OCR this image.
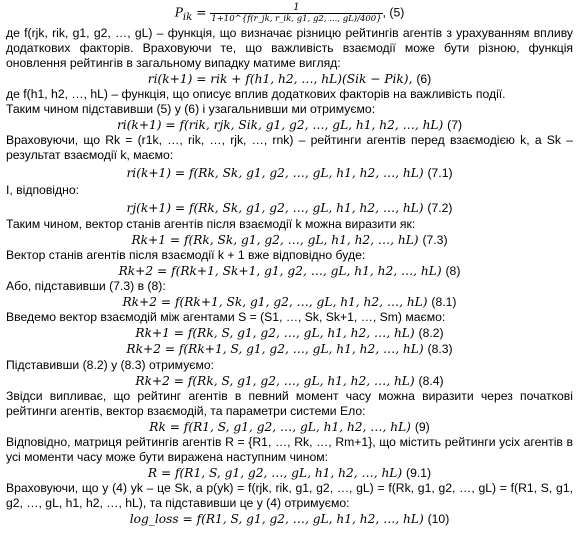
$P_{ik} = \frac{1}{1+10\^{}\{f(r\_jk, r\_ik, g1, g2, ..., gL)/400\}}$ , (5)

де f(rjk, rik, g1, g2, …, gL) – функція, що визначає різницю рейтингів агентів з урахуванням впливу додаткових факторів. Враховуючи те, що важливість взаємодії може бути різною, функція оновлення рейтингів в загальному випадку матиме вигляд:

ri(k+1) = rik + f(h1, h2, …, hL)(Sik − Pik), (6)

де f(h1, h2, …, hL) – функція, що описує вплив додаткових факторів на важливість події.

Таким чином підставивши (5) у (6) і узагальнивши ми отримуємо:

ri(k+1) = f(rik, rjk, Sik, g1, g2, …, gL, h1, h2, …, hL) (7)

Враховуючи, що Rk = (r1k, …, rik, …, rjk, …, rnk) – рейтинги агентів перед взаємодією k, а Sk – результат взаємодії k, маємо:

ri(k+1) = f(Rk, Sk, g1, g2, …, gL, h1, h2, …, hL) (7.1)

І, відповідно:

rj(k+1) = f(Rk, Sk, g1, g2, …, gL, h1, h2, …, hL) (7.2)

Таким чином, вектор станів агентів після взаємодії k можна виразити як:

Rk+1 = f(Rk, Sk, g1, g2, …, gL, h1, h2, …, hL) (7.3)

Вектор станів агентів після взаємодії k + 1 вже відповідно буде:

Rk+2 = f(Rk+1, Sk+1, g1, g2, …, gL, h1, h2, …, hL) (8)

Або, підставивши (7.3) в (8):

Rk+2 = f(Rk+1, Sk, g1, g2, …, gL, h1, h2, …, hL) (8.1)

Введемо вектор взаємодій між агентами S = (S1, …, Sk, Sk+1, …, Sm) маємо:

Rk+1 = f(Rk, S, g1, g2, …, gL, h1, h2, …, hL) (8.2)
Rk+2 = f(Rk+1, S, g1, g2, …, gL, h1, h2, …, hL) (8.3)

Підставивши (8.2) у (8.3) отримуємо:

Rk+2 = f(Rk, S, g1, g2, …, gL, h1, h2, …, hL) (8.4)

Звідси випливає, що рейтинг агентів в певний момент часу можна виразити через початкові рейтинги агентів, вектор взаємодій, та параметри системи Ело:

Rk = f(R1, S, g1, g2, …, gL, h1, h2, …, hL) (9)

Відповідно, матриця рейтингів агентів R = {R1, …, Rk, …, Rm+1}, що містить рейтинги усіх агентів в усі моменти часу може бути виражена наступним чином:

R = f(R1, S, g1, g2, …, gL, h1, h2, …, hL) (9.1)

Враховуючи, що у (4) yk – це Sk, а p(yk) = f(rjk, rik, g1, g2, …, gL) = f(Rk, g1, g2, …, gL) = f(R1, S, g1, g2, …, gL, h1, h2, …, hL), та підставивши це у (4) отримуємо:

log_loss = f(R1, S, g1, g2, …, gL, h1, h2, …, hL) (10)
